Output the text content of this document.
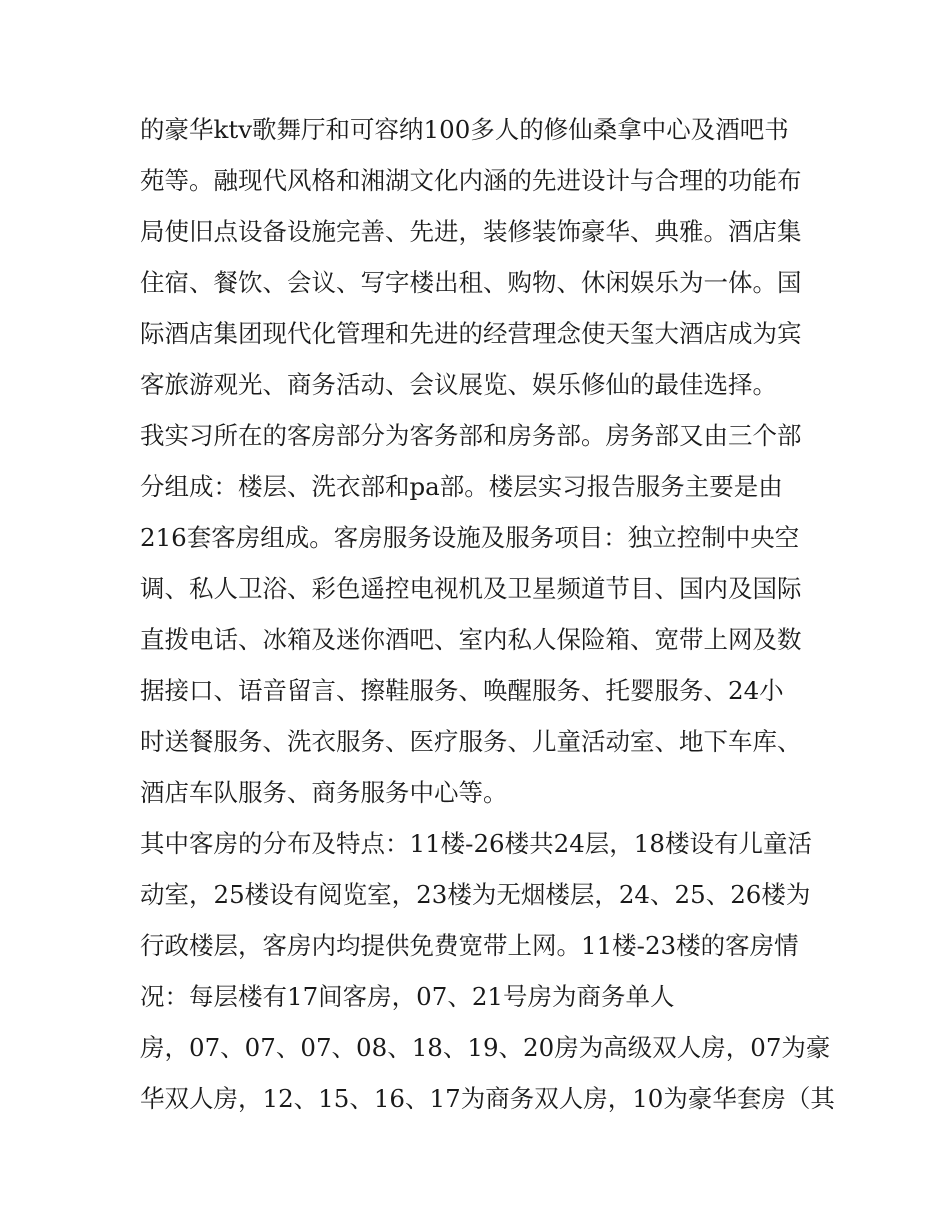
的豪华ktv歌舞厅和可容纳100多人的修仙桑拿中心及酒吧书
苑等。融现代风格和湘湖文化内涵的先进设计与合理的功能布
局使旧点设备设施完善、先进，装修装饰豪华、典雅。酒店集
住宿、餐饮、会议、写字楼出租、购物、休闲娱乐为一体。国
际酒店集团现代化管理和先进的经营理念使天玺大酒店成为宾
客旅游观光、商务活动、会议展览、娱乐修仙的最佳选择。
我实习所在的客房部分为客务部和房务部。房务部又由三个部
分组成：楼层、洗衣部和pa部。楼层实习报告服务主要是由
216套客房组成。客房服务设施及服务项目：独立控制中央空
调、私人卫浴、彩色遥控电视机及卫星频道节目、国内及国际
直拨电话、冰箱及迷你酒吧、室内私人保险箱、宽带上网及数
据接口、语音留言、擦鞋服务、唤醒服务、托婴服务、24小
时送餐服务、洗衣服务、医疗服务、儿童活动室、地下车库、
酒店车队服务、商务服务中心等。
其中客房的分布及特点：11楼-26楼共24层，18楼设有儿童活
动室，25楼设有阅览室，23楼为无烟楼层，24、25、26楼为
行政楼层，客房内均提供免费宽带上网。11楼-23楼的客房情
况：每层楼有17间客房，07、21号房为商务单人
房，07、07、07、08、18、19、20房为高级双人房，07为豪
华双人房，12、15、16、17为商务双人房，10为豪华套房（其
